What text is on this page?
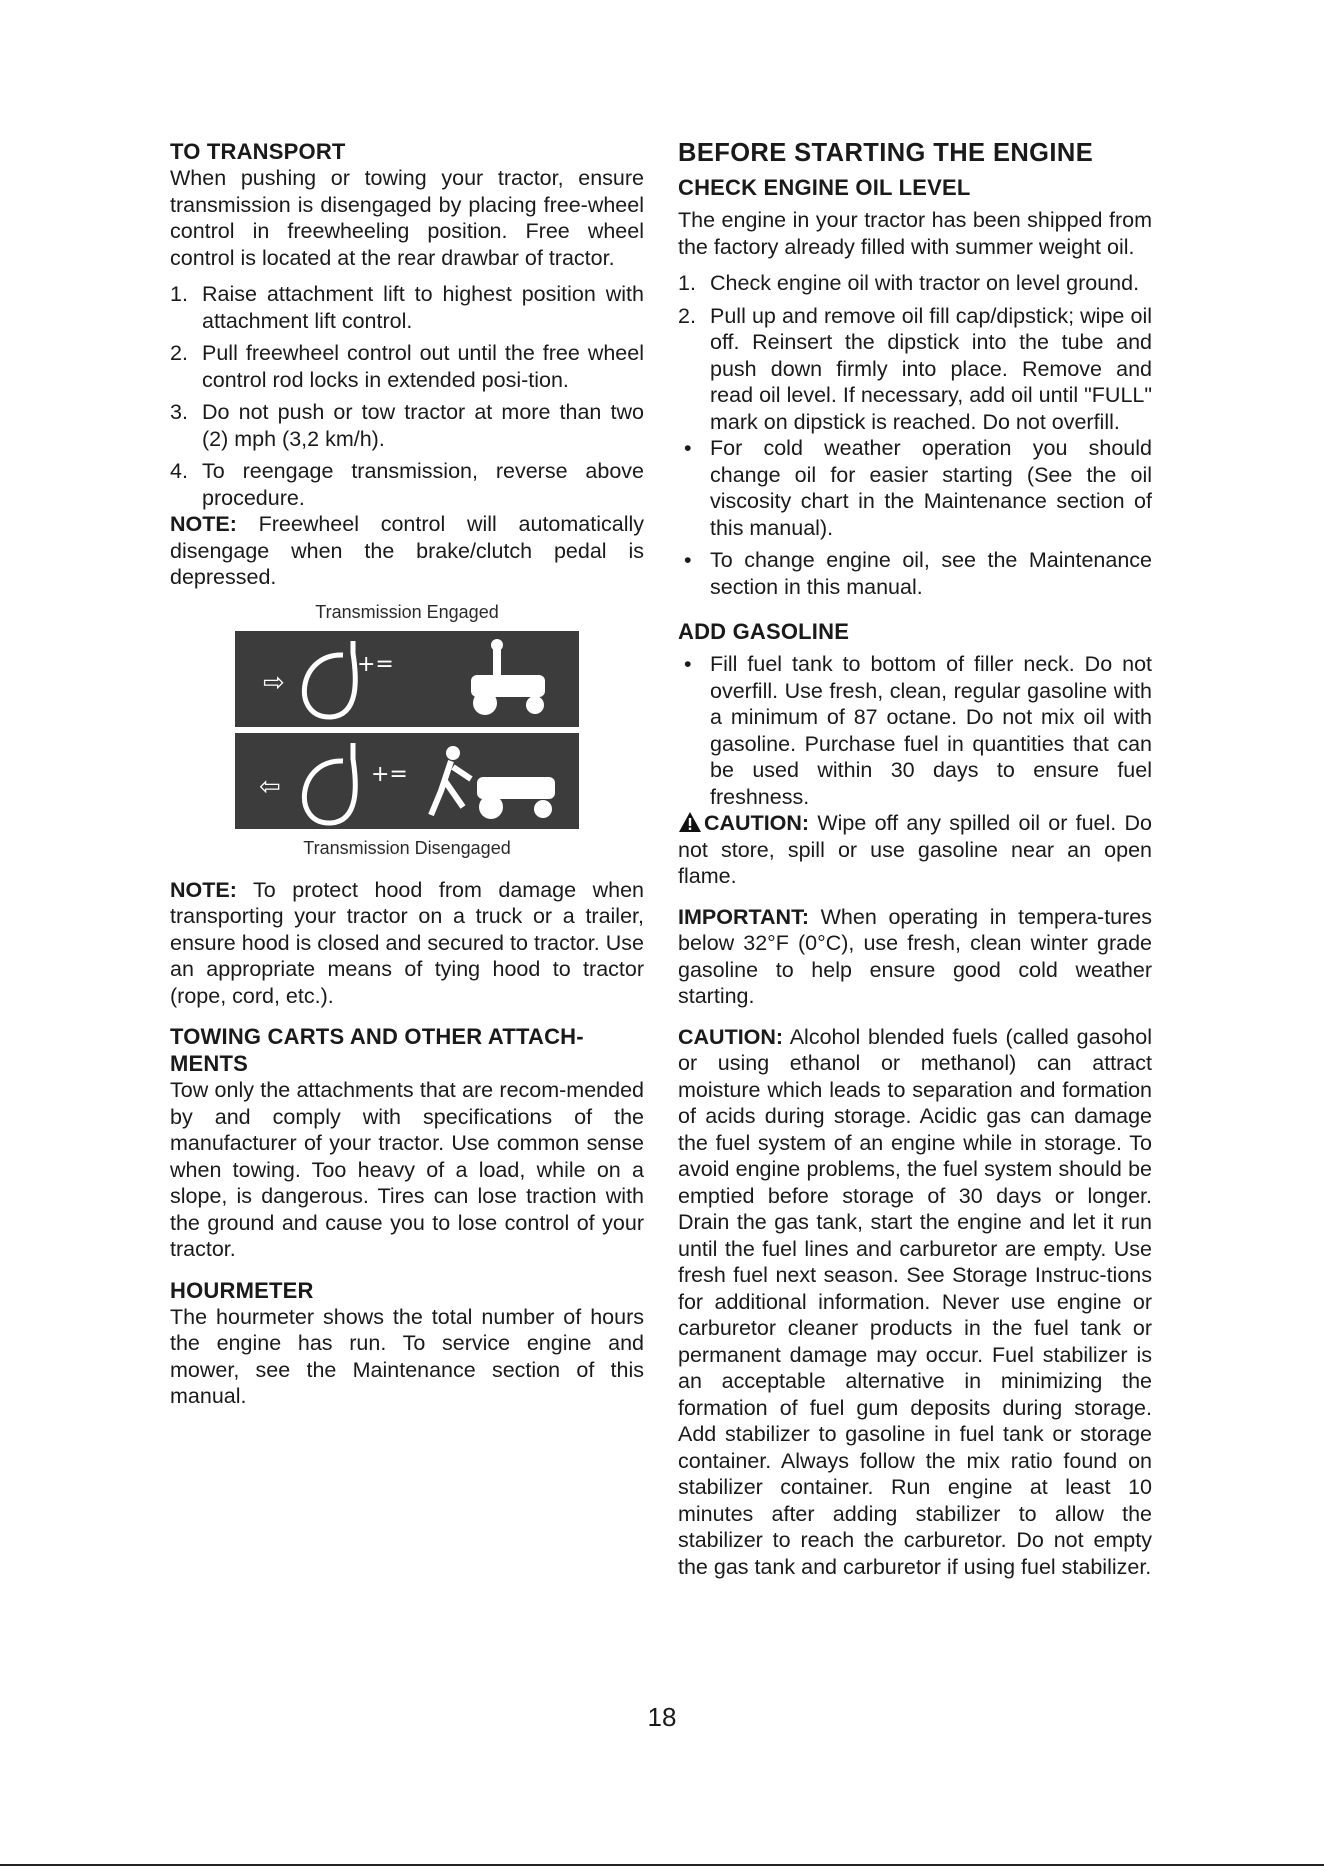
TO TRANSPORT

When pushing or towing your tractor, ensure transmission is disengaged by placing free-wheel control in freewheeling position. Free wheel control is located at the rear drawbar of tractor.

1. Raise attachment lift to highest position with attachment lift control.
2. Pull freewheel control out until the free wheel control rod locks in extended posi-tion.
3. Do not push or tow tractor at more than two (2) mph (3,2 km/h).
4. To reengage transmission, reverse above procedure.

NOTE: Freewheel control will automatically disengage when the brake/clutch pedal is depressed.

Transmission Engaged
⇨
+=
⇦	+=
Transmission Disengaged

NOTE: To protect hood from damage when transporting your tractor on a truck or a trailer, ensure hood is closed and secured to tractor. Use an appropriate means of tying hood to tractor (rope, cord, etc.).

TOWING CARTS AND OTHER ATTACH-MENTS

Tow only the attachments that are recom-mended by and comply with specifications of the manufacturer of your tractor. Use common sense when towing. Too heavy of a load, while on a slope, is dangerous. Tires can lose traction with the ground and cause you to lose control of your tractor.

HOURMETER

The hourmeter shows the total number of hours the engine has run. To service engine and mower, see the Maintenance section of this manual.

BEFORE STARTING THE ENGINE
CHECK ENGINE OIL LEVEL

The engine in your tractor has been shipped from the factory already filled with summer weight oil.

1. Check engine oil with tractor on level ground.
2. Pull up and remove oil fill cap/dipstick; wipe oil off. Reinsert the dipstick into the tube and push down firmly into place. Remove and read oil level. If necessary, add oil until "FULL" mark on dipstick is reached. Do not overfill.
• For cold weather operation you should change oil for easier starting (See the oil viscosity chart in the Maintenance section of this manual).
• To change engine oil, see the Maintenance section in this manual.
ADD GASOLINE
• Fill fuel tank to bottom of filler neck. Do not overfill. Use fresh, clean, regular gasoline with a minimum of 87 octane. Do not mix oil with gasoline. Purchase fuel in quantities that can be used within 30 days to ensure fuel freshness.

CAUTION: Wipe off any spilled oil or fuel. Do not store, spill or use gasoline near an open flame.

IMPORTANT: When operating in tempera-tures below 32°F (0°C), use fresh, clean winter grade gasoline to help ensure good cold weather starting.

CAUTION: Alcohol blended fuels (called gasohol or using ethanol or methanol) can attract moisture which leads to separation and formation of acids during storage. Acidic gas can damage the fuel system of an engine while in storage. To avoid engine problems, the fuel system should be emptied before storage of 30 days or longer. Drain the gas tank, start the engine and let it run until the fuel lines and carburetor are empty. Use fresh fuel next season. See Storage Instruc-tions for additional information. Never use engine or carburetor cleaner products in the fuel tank or permanent damage may occur. Fuel stabilizer is an acceptable alternative in minimizing the formation of fuel gum deposits during storage. Add stabilizer to gasoline in fuel tank or storage container. Always follow the mix ratio found on stabilizer container. Run engine at least 10 minutes after adding stabilizer to allow the stabilizer to reach the carburetor. Do not empty the gas tank and carburetor if using fuel stabilizer.

18
